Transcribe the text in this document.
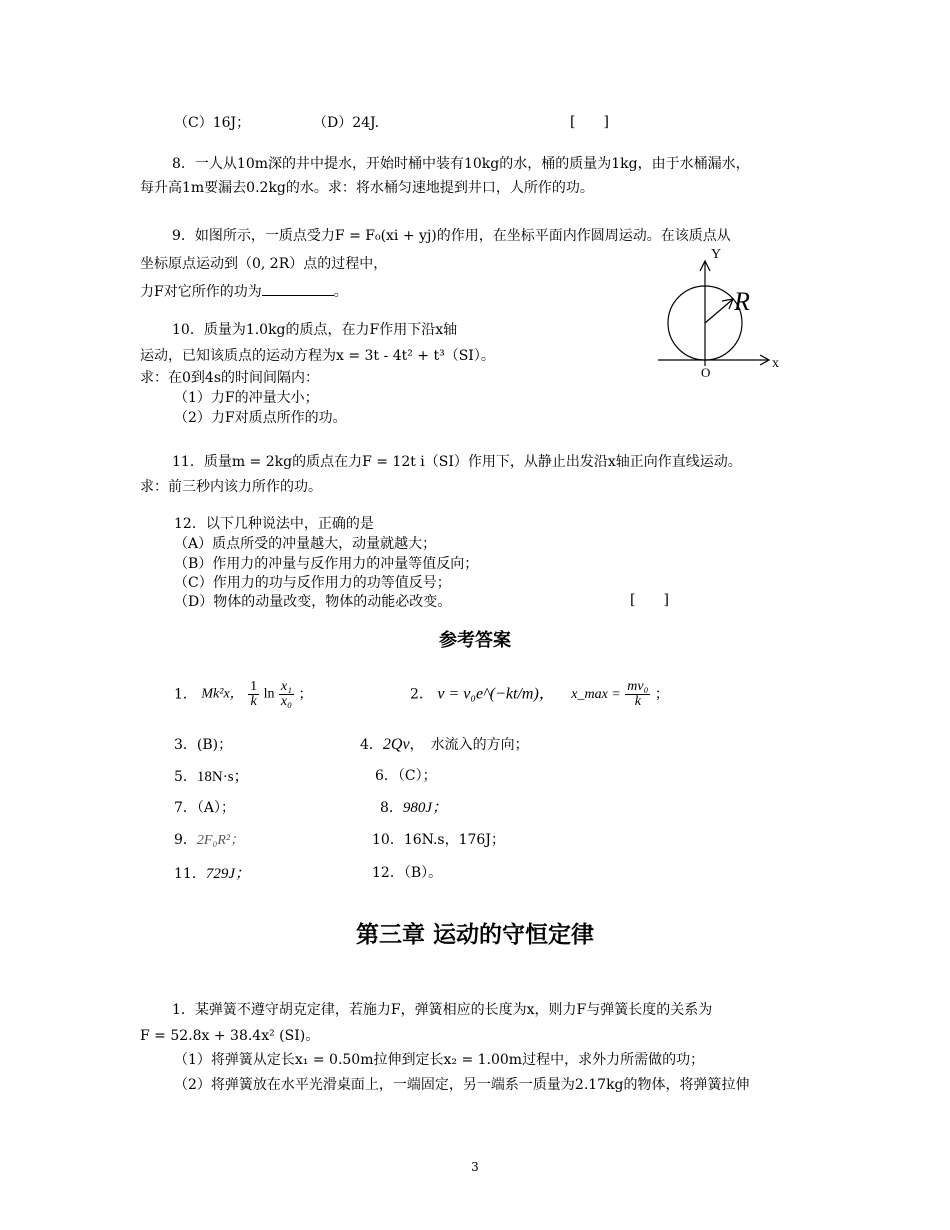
（C）16J；	（D）24J.	[　　]
8．一人从10m深的井中提水，开始时桶中装有10kg的水，桶的质量为1kg，由于水桶漏水，
每升高1m要漏去0.2kg的水。求：将水桶匀速地提到井口，人所作的功。
9．如图所示，一质点受力F = F₀(xi + yj)的作用，在坐标平面内作圆周运动。在该质点从
坐标原点运动到（0, 2R）点的过程中，
力F对它所作的功为	。
Y
x
O
R
10．质量为1.0kg的质点，在力F作用下沿x轴
运动，已知该质点的运动方程为x = 3t - 4t² + t³（SI）。
求：在0到4s的时间间隔内：
（1）力F的冲量大小；
（2）力F对质点所作的功。
11．质量m = 2kg的质点在力F = 12t i（SI）作用下，从静止出发沿x轴正向作直线运动。
求：前三秒内该力所作的功。
12．以下几种说法中，正确的是
（A）质点所受的冲量越大，动量就越大；
（B）作用力的冲量与反作用力的冲量等值反向；
（C）作用力的功与反作用力的功等值反号；
（D）物体的动量改变，物体的动能必改变。	[　　]
参考答案
1． Mk²x， $\frac{1}{k}$ $\ln \frac{\text{x₁}}{\text{x₀}}$ ；	2． v = v₀e^(−kt/m)， x_max = $\frac{\text{mv₀}}{k}$ ；
3．(B)；	4．2Qv，　水流入的方向；
5．18N·s；	6．（C）；
7．（A）；	8．980J；
9．2F₀R²；	10．16N.s，176J；
11．729J；	12．（B）。
第三章 运动的守恒定律
1．某弹簧不遵守胡克定律，若施力F，弹簧相应的长度为x，则力F与弹簧长度的关系为
F = 52.8x + 38.4x² (SI)。
（1）将弹簧从定长x₁ = 0.50m拉伸到定长x₂ = 1.00m过程中，求外力所需做的功；
（2）将弹簧放在水平光滑桌面上，一端固定，另一端系一质量为2.17kg的物体，将弹簧拉伸
3
